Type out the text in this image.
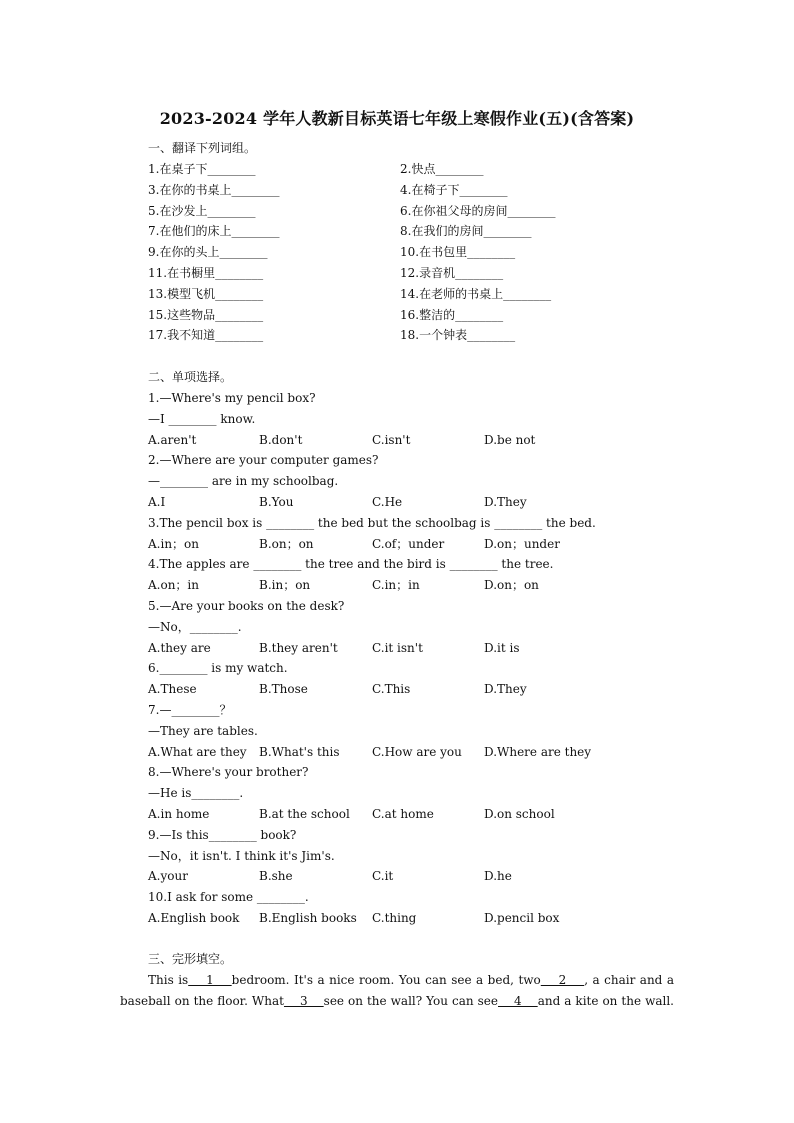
2023-2024 学年人教新目标英语七年级上寒假作业(五)(含答案)
一、翻译下列词组。
1.在桌子下________	2.快点________
3.在你的书桌上________	4.在椅子下________
5.在沙发上________	6.在你祖父母的房间________
7.在他们的床上________	8.在我们的房间________
9.在你的头上________	10.在书包里________
11.在书橱里________	12.录音机________
13.模型飞机________	14.在老师的书桌上________
15.这些物品________	16.整洁的________
17.我不知道________	18.一个钟表________
二、单项选择。
1.—Where's my pencil box?
—I ________ know.
A.aren't	B.don't	C.isn't	D.be not
2.—Where are your computer games?
—________ are in my schoolbag.
A.I	B.You	C.He	D.They
3.The pencil box is ________ the bed but the schoolbag is ________ the bed.
A.in；on	B.on；on	C.of；under	D.on；under
4.The apples are ________ the tree and the bird is ________ the tree.
A.on；in	B.in；on	C.in；in	D.on；on
5.—Are your books on the desk?
—No，________.
A.they are	B.they aren't	C.it isn't	D.it is
6.________ is my watch.
A.These	B.Those	C.This	D.They
7.—________？
—They are tables.
A.What are they B.What's this	C.How are you D.Where are they
8.—Where's your brother?
—He is________.
A.in home	B.at the school C.at home	D.on school
9.—Is this________ book?
—No，it isn't. I think it's Jim's.
A.your	B.she	C.it	D.he
10.I ask for some ________.
A.English book B.English books C.thing	D.pencil box
三、完形填空。
This is    1    bedroom. It's a nice room. You can see a bed, two    2    , a chair and a
baseball on the floor. What    3    see on the wall? You can see    4    and a kite on the wall.
